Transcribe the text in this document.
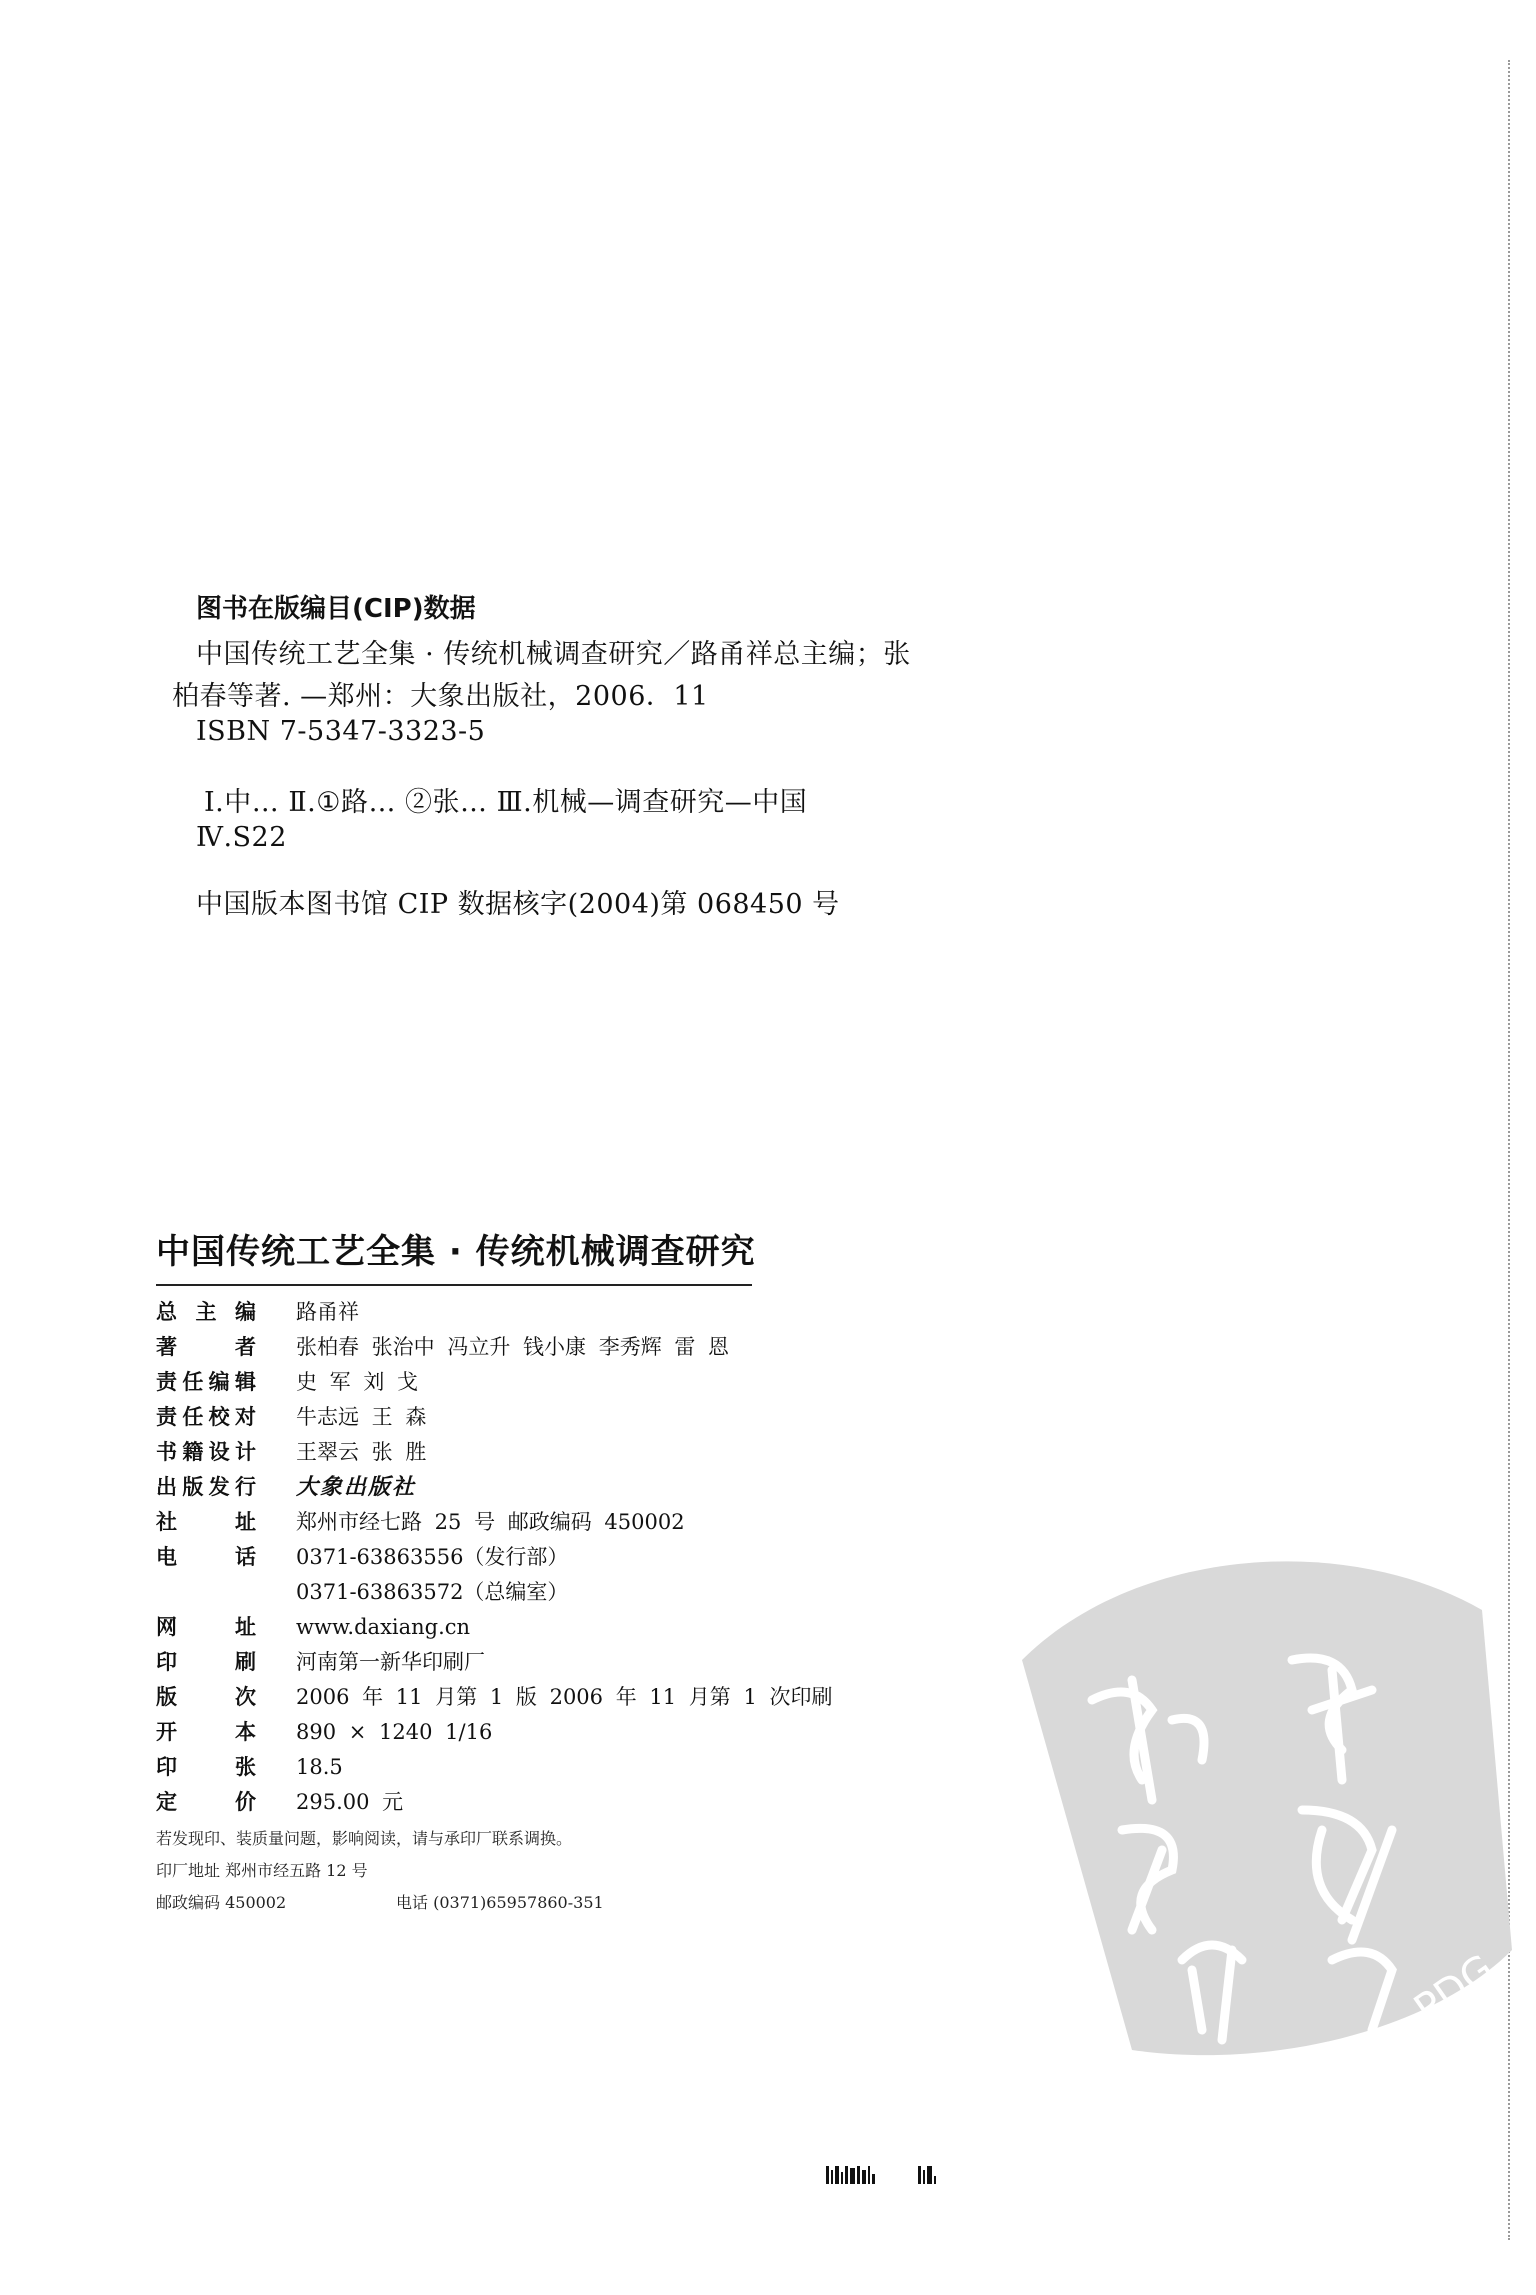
图书在版编目(CIP)数据
中国传统工艺全集 · 传统机械调查研究／路甬祥总主编；张
柏春等著. —郑州：大象出版社，2006．11
ISBN 7-5347-3323-5
Ⅰ.中… Ⅱ.①路… ②张… Ⅲ.机械—调查研究—中国
Ⅳ.S22
中国版本图书馆 CIP 数据核字(2004)第 068450 号
中国传统工艺全集 · 传统机械调查研究
总主编 路甬祥
著者 张柏春 张治中 冯立升 钱小康 李秀辉 雷 恩
责任编辑 史 军 刘 戈
责任校对 牛志远 王 森
书籍设计 王翠云 张 胜
出版发行 大象出版社
社址 郑州市经七路 25 号 邮政编码 450002
电话 0371-63863556（发行部）
0371-63863572（总编室）
网址 www.daxiang.cn
印刷 河南第一新华印刷厂
版次 2006 年 11 月第 1 版 2006 年 11 月第 1 次印刷
开本 890 × 1240 1/16
印张 18.5
定价 295.00 元
若发现印、装质量问题，影响阅读，请与承印厂联系调换。
印厂地址 郑州市经五路 12 号
邮政编码 450002	电话 (0371)65957860-351
PDG
